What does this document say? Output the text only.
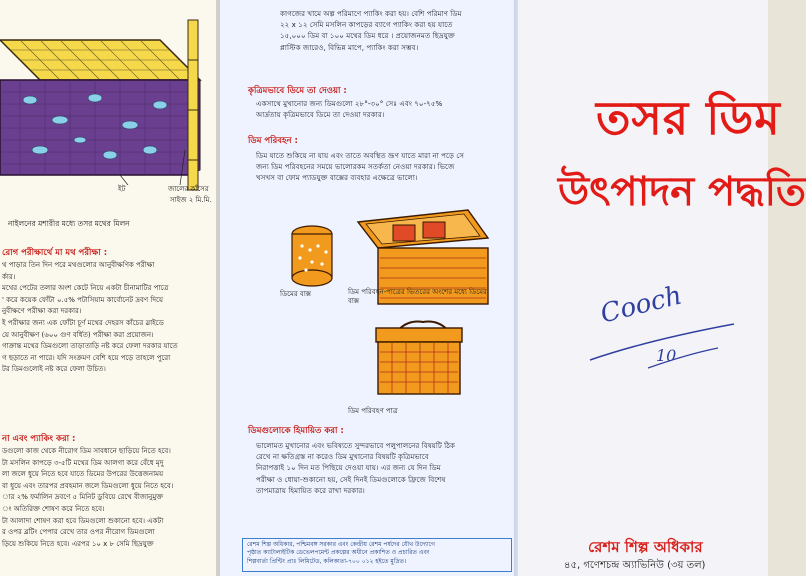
ইট	জালের কাঁসের
সাইজ ২ মি.মি.
নাইলনের মশারীর মধ্যে তসর মথের মিলন
রোগ পরীক্ষার্থে মা মথ পরীক্ষা :
থ পাড়ার তিন দিন পরে মথগুলোর আনুবীক্ষণিক পরীক্ষা
র্কার।
মথের পেটের তলার অংশ কেটে নিয়ে একটা চীনামাটির পাত্রে
' করে কয়েক ফোঁটা ০.৫% পটাসিয়াম কার্বোনেট দ্রবণ দিয়ে
নুবীক্ষণে পরীক্ষা করা দরকার।
ই পরীক্ষার জন্য এক ফোঁটা চূর্ণ মথের দেহরস কাঁচের স্লাইডে
য়ে আনুবীক্ষণ (৬০০ গুণ বর্ধিত) পরীক্ষা করা প্রয়োজন।
গাক্রান্ত মথের ডিমগুলো তাড়াতাড়ি নষ্ট করে ফেলা দরকার যাতে
গ ছড়াতে না পারে। যদি সংক্রমণ বেশি হয়ে পড়ে তাহলে পুরো
টর ডিমগুলোই নষ্ট করে ফেলা উচিত।
না এবং প্যাকিং করা :
ডগুলো কাজ থেকে নীরোগ ডিম সাবধানে ছাড়িয়ে নিতে হবে।
টা মসলিন কাপড়ে ৩-৫টি মথের ডিম আলগা করে বেঁধে মৃদু
লা জলে ধুয়ে নিতে হবে যাতে ডিমের উপরের উত্তেজনাময়
বা ধুয়ে এবং তারপর প্রবহমান জলে ডিমগুলো ধুয়ে নিতে হবে।
ার ২% ফর্মালিন দ্রবণে ৫ মিনিট ডুবিয়ে রেখে বীজানুমুক্ত
ং অতিরিক্ত শোষণ করে নিতে হবে।
টা আলাদা শোষণ করা হবে ডিমগুলো শুকানো হবে। একটা
র ওপর ব্লটিং পেপার রেখে তার ওপর নীরোগ ডিমগুলো
ড়িয়ে শুকিয়ে নিতে হবে। এরপর ১০ x ৮ সেমি ছিদ্রযুক্ত
কাগজের খামে অল্প পরিমাণে প্যাকিং করা হয়। বেশি পরিমাণ ডিম
২২ x ১২ সেমি মসলিন কাপড়ের ব্যাগে প্যাকিং করা হয় যাতে
১৫,০০০ ডিম বা ১০০ মথের ডিম ধরে । প্রয়োজনমত ছিদ্রযুক্ত
প্লাস্টিক জারেও, বিভিন্ন মাপে, প্যাকিং করা সম্ভব।
কৃত্রিমভাবে ডিমে তা দেওয়া :
একসাথে মুখানোর জন্য ডিমগুলো ২৮°-৩০° সেঃ এবং ৭০-৭৫%
আর্দ্রতায় কৃত্রিমভাবে ডিমে তা দেওয়া দরকার।
ডিম পরিবহন :
ডিম যাতে শুকিয়ে না যায় এবং তাতে অবস্থিত ভ্রূণ যাতে মারা না পড়ে সে
জন্য ডিম পরিবহনের সময়ে ভালোরকম সতর্কতা নেওয়া দরকার। ভিজে
খসখস বা ফোম প্যাডযুক্ত বাক্সের ব্যবহার এক্ষেত্রে ভালো।
ডিমের বাক্স	ডিম পরিবহন-পাত্রের ভিতরের অংশের মধ্যে ডিমের বাক্স
ডিম পরিবহণ পাত্র
ডিমগুলোকে হিমায়িত করা :
ভালোমত মুখানোর এবং ভবিষ্যতে সুন্দরভাবে পলুপালনের বিষয়টি ঠিক
রেখে না ক্ষতিগ্রস্ত না করেও ডিম মুখানোর বিষয়টি কৃত্রিমভাবে
নিরাপত্তাই ১০ দিন মত পিছিয়ে দেওয়া যায়। এর জন্য যে দিন ডিম
পরীক্ষা ও ধোয়া-শুকানো হয়, সেই দিনই ডিমগুলোকে ফ্রিজে বিশেষ
তাপমাত্রায় হিমায়িত করে রাখা দরকার।
রেশম শিল্প অধিকার, পশ্চিমবঙ্গ সরকার এবং কেন্দ্রীয় রেশম পর্ষদের যৌথ উদ্যোগে
পৃষ্ঠাত ক্যাটালাইটিক ডেভেলপমেন্ট প্রকল্পের অধীনে প্রকাশিত ও প্রচারিত এবং
শিল্পবার্তা প্রিন্টিং প্রাঃ লিমিটেড, কলিকাতা-৭০০ ০১২ হইতে মুদ্রিত।
তসর ডিম
উৎপাদন পদ্ধতি
Cooch
10
রেশম শিল্প অধিকার
৪৫, গণেশচন্দ্র অ্যাভিনিউ (৩য় তল)
